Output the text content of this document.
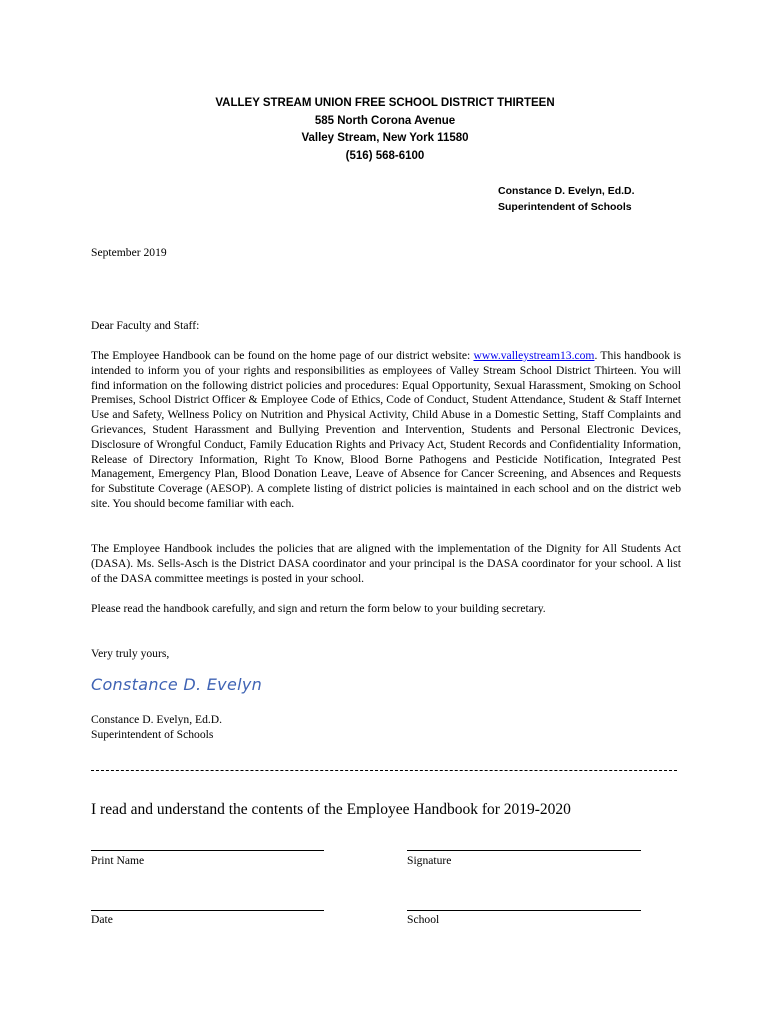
VALLEY STREAM UNION FREE SCHOOL DISTRICT THIRTEEN
585 North Corona Avenue
Valley Stream, New York 11580
(516) 568-6100
Constance D. Evelyn, Ed.D.
Superintendent of Schools
September 2019
Dear Faculty and Staff:
The Employee Handbook can be found on the home page of our district website: www.valleystream13.com. This handbook is intended to inform you of your rights and responsibilities as employees of Valley Stream School District Thirteen. You will find information on the following district policies and procedures: Equal Opportunity, Sexual Harassment, Smoking on School Premises, School District Officer & Employee Code of Ethics, Code of Conduct, Student Attendance, Student & Staff Internet Use and Safety, Wellness Policy on Nutrition and Physical Activity, Child Abuse in a Domestic Setting, Staff Complaints and Grievances, Student Harassment and Bullying Prevention and Intervention, Students and Personal Electronic Devices, Disclosure of Wrongful Conduct, Family Education Rights and Privacy Act, Student Records and Confidentiality Information, Release of Directory Information, Right To Know, Blood Borne Pathogens and Pesticide Notification, Integrated Pest Management, Emergency Plan, Blood Donation Leave, Leave of Absence for Cancer Screening, and Absences and Requests for Substitute Coverage (AESOP). A complete listing of district policies is maintained in each school and on the district web site. You should become familiar with each.
The Employee Handbook includes the policies that are aligned with the implementation of the Dignity for All Students Act (DASA). Ms. Sells-Asch is the District DASA coordinator and your principal is the DASA coordinator for your school. A list of the DASA committee meetings is posted in your school.
Please read the handbook carefully, and sign and return the form below to your building secretary.
Very truly yours,
Constance D. Evelyn
Constance D. Evelyn, Ed.D.
Superintendent of Schools
I read and understand the contents of the Employee Handbook for 2019-2020
Print Name	Signature
Date	School
